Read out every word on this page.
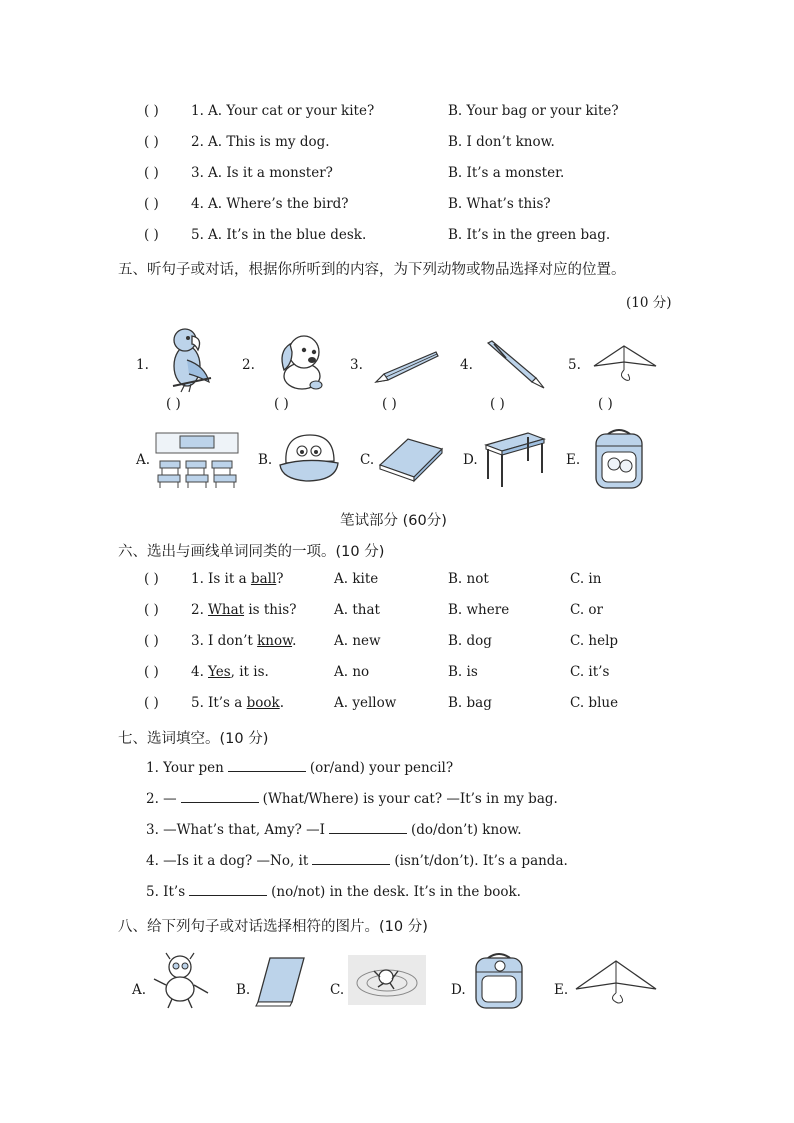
( ) 1. A. Your cat or your kite?	B. Your bag or your kite?
( ) 2. A. This is my dog.	B. I don’t know.
( ) 3. A. Is it a monster?	B. It’s a monster.
( ) 4. A. Where’s the bird?	B. What’s this?
( ) 5. A. It’s in the blue desk.	B. It’s in the green bag.
五、听句子或对话，根据你所听到的内容，为下列动物或物品选择对应的位置。
(10 分)
1.
( )
2.
( )
3.
( )
4.
( )
5.
( )
A.	B.	C.	D.	E.
笔试部分 (60分)
六、选出与画线单词同类的一项。(10 分)
( ) 1. Is it a ball?	A. kite	B. not	C. in
( ) 2. What is this?	A. that	B. where	C. or
( ) 3. I don’t know.	A. new	B. dog	C. help
( ) 4. Yes, it is.	A. no	B. is	C. it’s
( ) 5. It’s a book.	A. yellow	B. bag	C. blue
七、选词填空。(10 分)
1. Your pen	(or/and) your pencil?
2. —	(What/Where) is your cat? —It’s in my bag.
3. —What’s that, Amy? —I	(do/don’t) know.
4. —Is it a dog? —No, it	(isn’t/don’t). It’s a panda.
5. It’s	(no/not) in the desk. It’s in the book.
八、给下列句子或对话选择相符的图片。(10 分)
A.	B.	C.	D.	E.
